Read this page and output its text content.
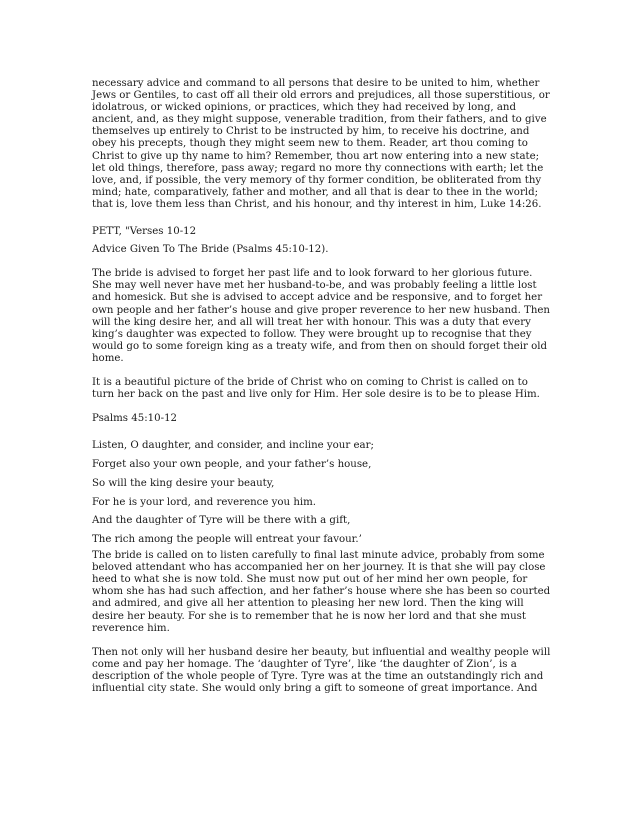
necessary advice and command to all persons that desire to be united to him, whether Jews or Gentiles, to cast off all their old errors and prejudices, all those superstitious, or idolatrous, or wicked opinions, or practices, which they had received by long, and ancient, and, as they might suppose, venerable tradition, from their fathers, and to give themselves up entirely to Christ to be instructed by him, to receive his doctrine, and obey his precepts, though they might seem new to them. Reader, art thou coming to Christ to give up thy name to him? Remember, thou art now entering into a new state; let old things, therefore, pass away; regard no more thy connections with earth; let the love, and, if possible, the very memory of thy former condition, be obliterated from thy mind; hate, comparatively, father and mother, and all that is dear to thee in the world; that is, love them less than Christ, and his honour, and thy interest in him, Luke 14:26.

PETT, "Verses 10-12
Advice Given To The Bride (Psalms 45:10-12).

The bride is advised to forget her past life and to look forward to her glorious future. She may well never have met her husband-to-be, and was probably feeling a little lost and homesick. But she is advised to accept advice and be responsive, and to forget her own people and her father’s house and give proper reverence to her new husband. Then will the king desire her, and all will treat her with honour. This was a duty that every king’s daughter was expected to follow. They were brought up to recognise that they would go to some foreign king as a treaty wife, and from then on should forget their old home.

It is a beautiful picture of the bride of Christ who on coming to Christ is called on to turn her back on the past and live only for Him. Her sole desire is to be to please Him.

Psalms 45:10-12

Listen, O daughter, and consider, and incline your ear;
Forget also your own people, and your father’s house,
So will the king desire your beauty,
For he is your lord, and reverence you him.
And the daughter of Tyre will be there with a gift,
The rich among the people will entreat your favour.’

The bride is called on to listen carefully to final last minute advice, probably from some beloved attendant who has accompanied her on her journey. It is that she will pay close heed to what she is now told. She must now put out of her mind her own people, for whom she has had such affection, and her father’s house where she has been so courted and admired, and give all her attention to pleasing her new lord. Then the king will desire her beauty. For she is to remember that he is now her lord and that she must reverence him.

Then not only will her husband desire her beauty, but influential and wealthy people will come and pay her homage. The ‘daughter of Tyre’, like ‘the daughter of Zion’, is a description of the whole people of Tyre. Tyre was at the time an outstandingly rich and influential city state. She would only bring a gift to someone of great importance. And
